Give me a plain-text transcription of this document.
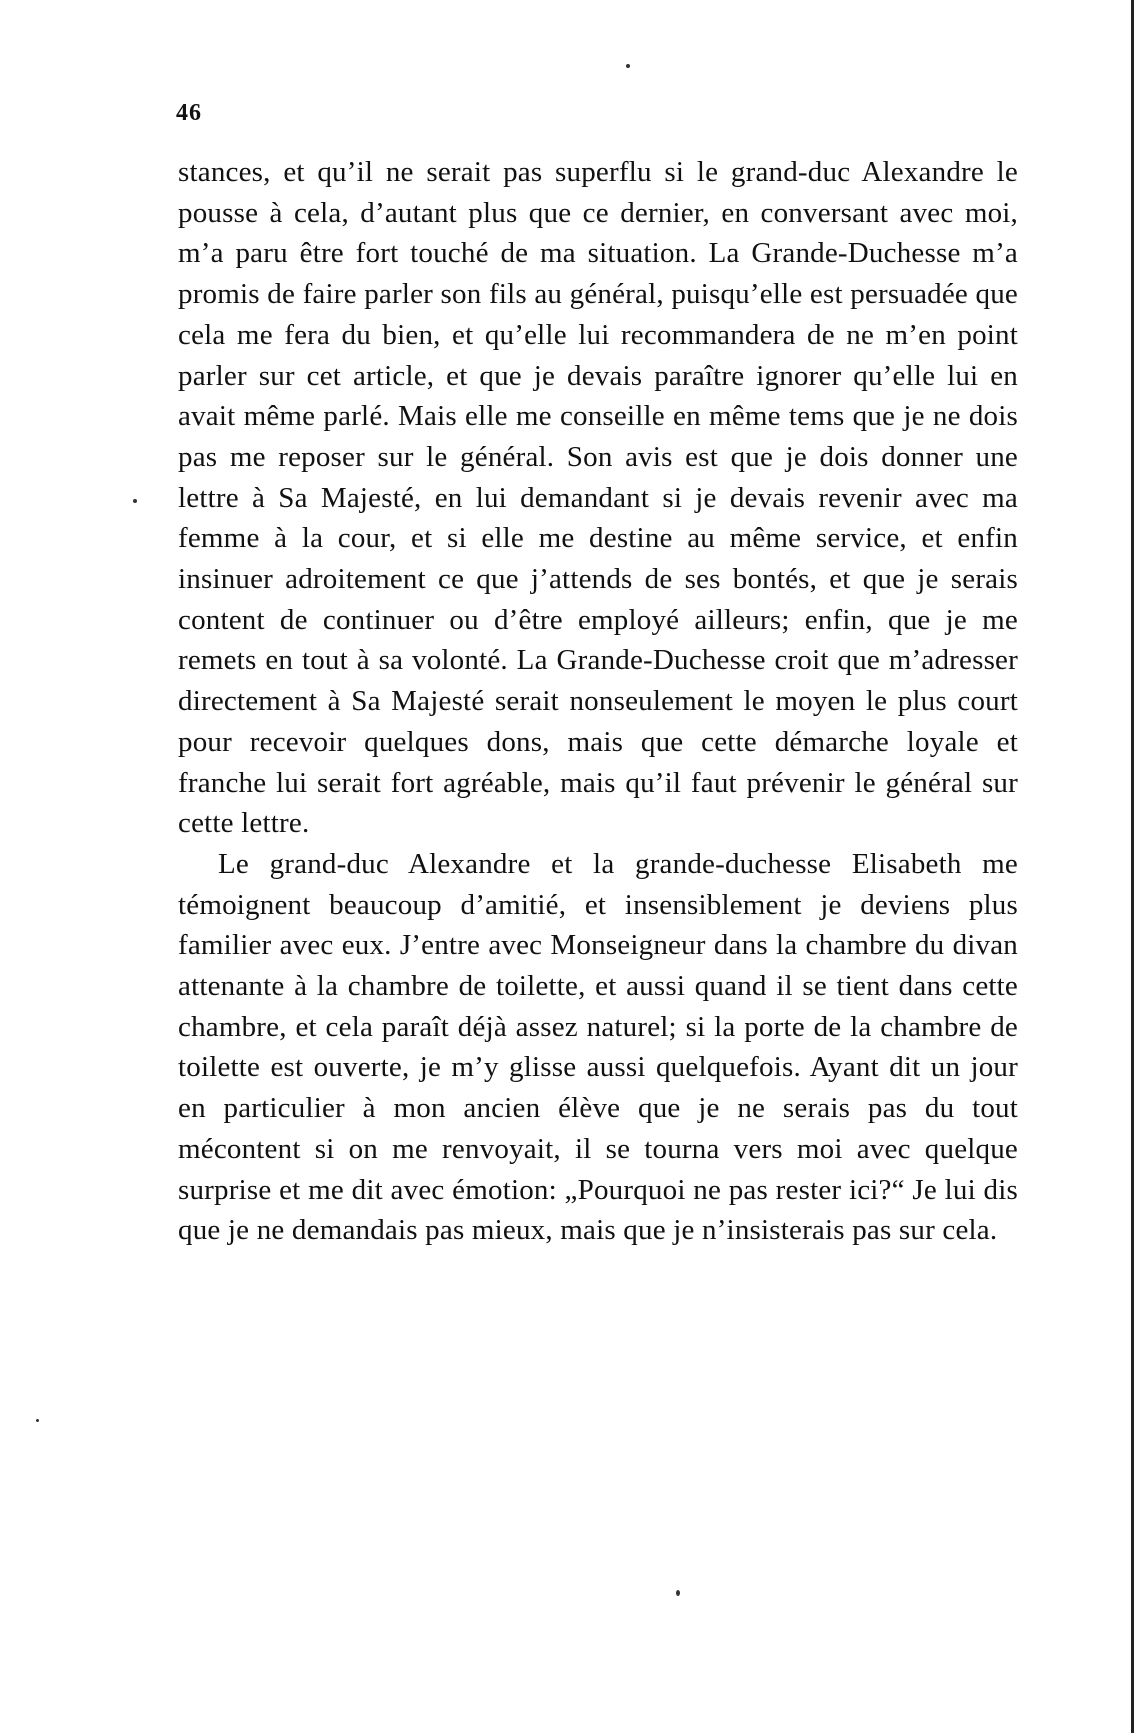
46

stances, et qu’il ne serait pas superflu si le grand-duc Alexandre le pousse à cela, d’autant plus que ce dernier, en conversant avec moi, m’a paru être fort touché de ma situation. La Grande-Duchesse m’a promis de faire parler son fils au général, puisqu’elle est persuadée que cela me fera du bien, et qu’elle lui recommandera de ne m’en point parler sur cet article, et que je devais paraître ignorer qu’elle lui en avait même parlé. Mais elle me conseille en même tems que je ne dois pas me reposer sur le général. Son avis est que je dois donner une lettre à Sa Majesté, en lui demandant si je devais revenir avec ma femme à la cour, et si elle me destine au même service, et enfin insinuer adroitement ce que j’attends de ses bontés, et que je serais content de continuer ou d’être employé ailleurs; enfin, que je me remets en tout à sa volonté. La Grande-Duchesse croit que m’adresser directement à Sa Majesté serait nonseulement le moyen le plus court pour recevoir quelques dons, mais que cette démarche loyale et franche lui serait fort agréable, mais qu’il faut prévenir le général sur cette lettre.

Le grand-duc Alexandre et la grande-duchesse Elisabeth me témoignent beaucoup d’amitié, et insensiblement je deviens plus familier avec eux. J’entre avec Monseigneur dans la chambre du divan attenante à la chambre de toilette, et aussi quand il se tient dans cette chambre, et cela paraît déjà assez naturel; si la porte de la chambre de toilette est ouverte, je m’y glisse aussi quelquefois. Ayant dit un jour en particulier à mon ancien élève que je ne serais pas du tout mécontent si on me renvoyait, il se tourna vers moi avec quelque surprise et me dit avec émotion: „Pourquoi ne pas rester ici?“ Je lui dis que je ne demandais pas mieux, mais que je n’insisterais pas sur cela.
